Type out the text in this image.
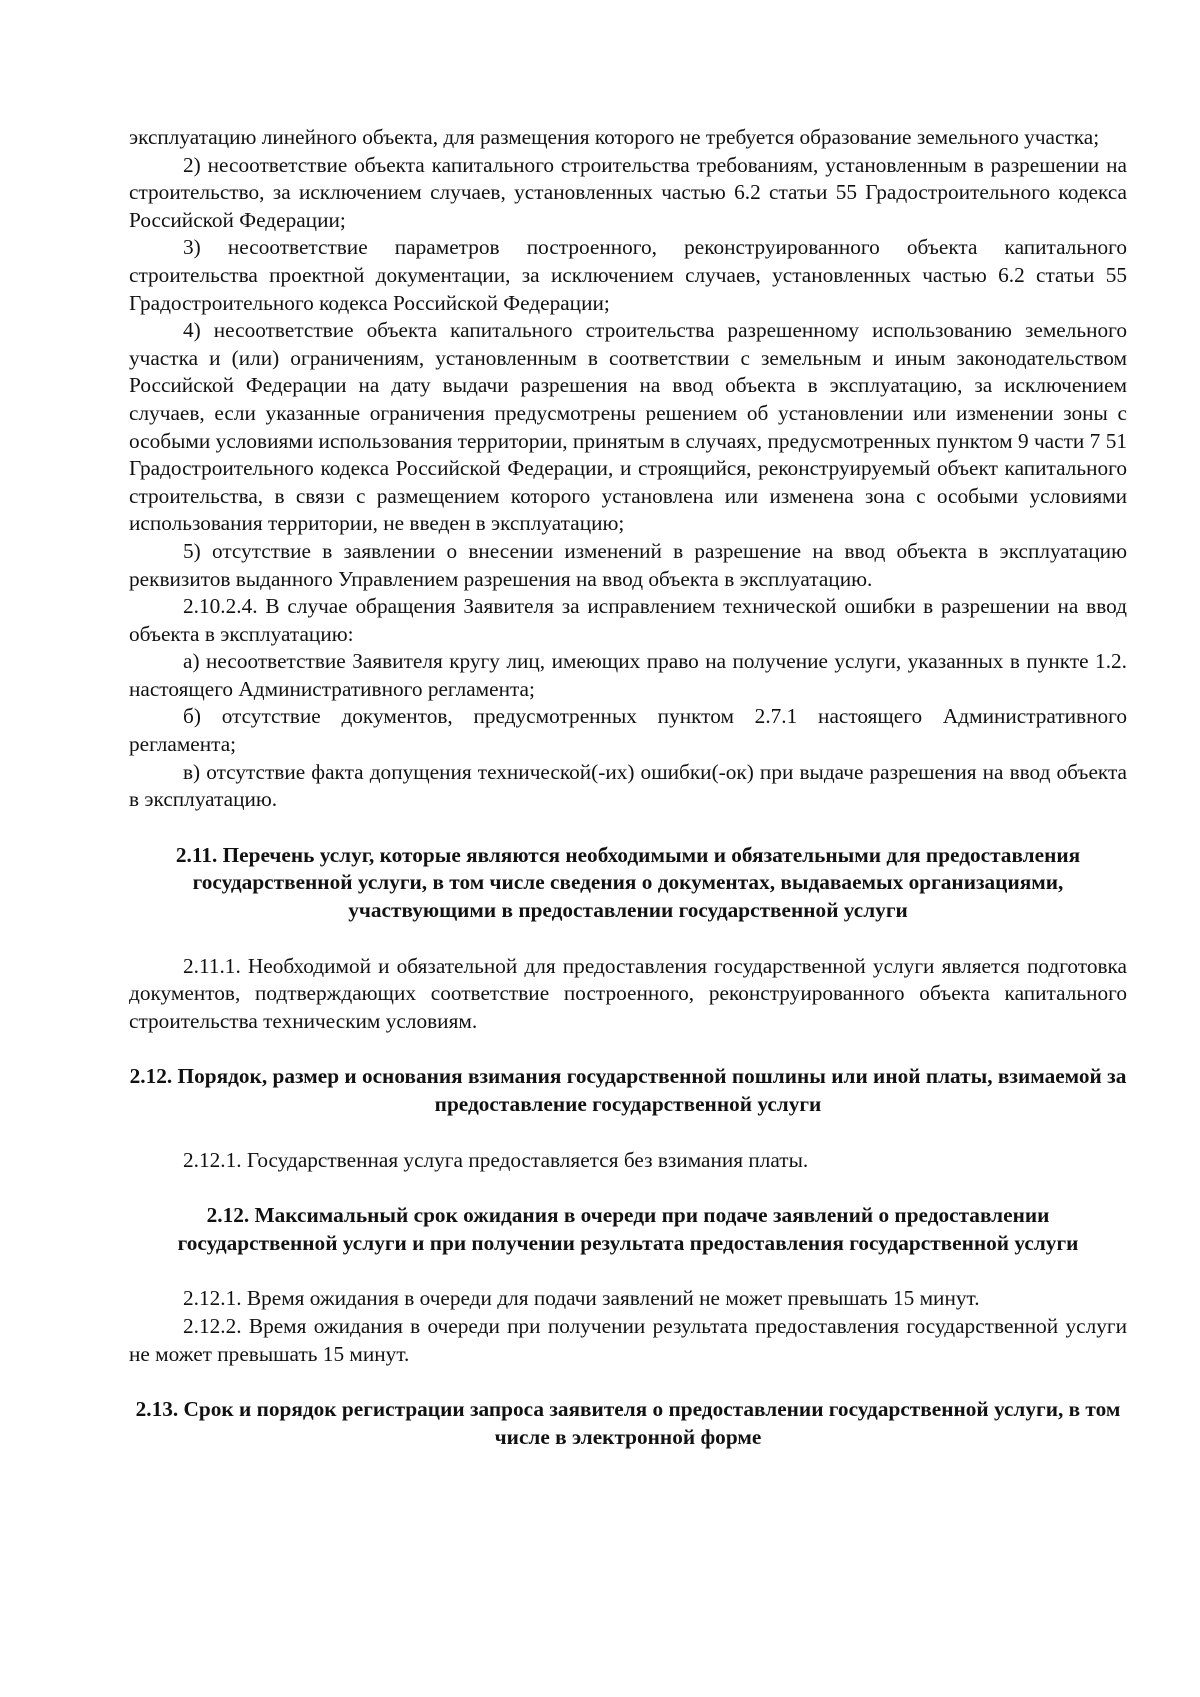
эксплуатацию линейного объекта, для размещения которого не требуется образование земельного участка;

2) несоответствие объекта капитального строительства требованиям, установленным в разрешении на строительство, за исключением случаев, установленных частью 6.2 статьи 55 Градостроительного кодекса Российской Федерации;

3) несоответствие параметров построенного, реконструированного объекта капитального строительства проектной документации, за исключением случаев, установленных частью 6.2 статьи 55 Градостроительного кодекса Российской Федерации;

4) несоответствие объекта капитального строительства разрешенному использованию земельного участка и (или) ограничениям, установленным в соответствии с земельным и иным законодательством Российской Федерации на дату выдачи разрешения на ввод объекта в эксплуатацию, за исключением случаев, если указанные ограничения предусмотрены решением об установлении или изменении зоны с особыми условиями использования территории, принятым в случаях, предусмотренных пунктом 9 части 7 51 Градостроительного кодекса Российской Федерации, и строящийся, реконструируемый объект капитального строительства, в связи с размещением которого установлена или изменена зона с особыми условиями использования территории, не введен в эксплуатацию;

5) отсутствие в заявлении о внесении изменений в разрешение на ввод объекта в эксплуатацию реквизитов выданного Управлением разрешения на ввод объекта в эксплуатацию.

2.10.2.4. В случае обращения Заявителя за исправлением технической ошибки в разрешении на ввод объекта в эксплуатацию:

а) несоответствие Заявителя кругу лиц, имеющих право на получение услуги, указанных в пункте 1.2. настоящего Административного регламента;

б) отсутствие документов, предусмотренных пунктом 2.7.1 настоящего Административного регламента;

в) отсутствие факта допущения технической(-их) ошибки(-ок) при выдаче разрешения на ввод объекта в эксплуатацию.

2.11. Перечень услуг, которые являются необходимыми и обязательными для предоставления государственной услуги, в том числе сведения о документах, выдаваемых организациями, участвующими в предоставлении государственной услуги

2.11.1. Необходимой и обязательной для предоставления государственной услуги является подготовка документов, подтверждающих соответствие построенного, реконструированного объекта капитального строительства техническим условиям.

2.12. Порядок, размер и основания взимания государственной пошлины или иной платы, взимаемой за предоставление государственной услуги

2.12.1. Государственная услуга предоставляется без взимания платы.

2.12. Максимальный срок ожидания в очереди при подаче заявлений о предоставлении государственной услуги и при получении результата предоставления государственной услуги

2.12.1. Время ожидания в очереди для подачи заявлений не может превышать 15 минут.

2.12.2. Время ожидания в очереди при получении результата предоставления государственной услуги не может превышать 15 минут.

2.13. Срок и порядок регистрации запроса заявителя о предоставлении государственной услуги, в том числе в электронной форме
